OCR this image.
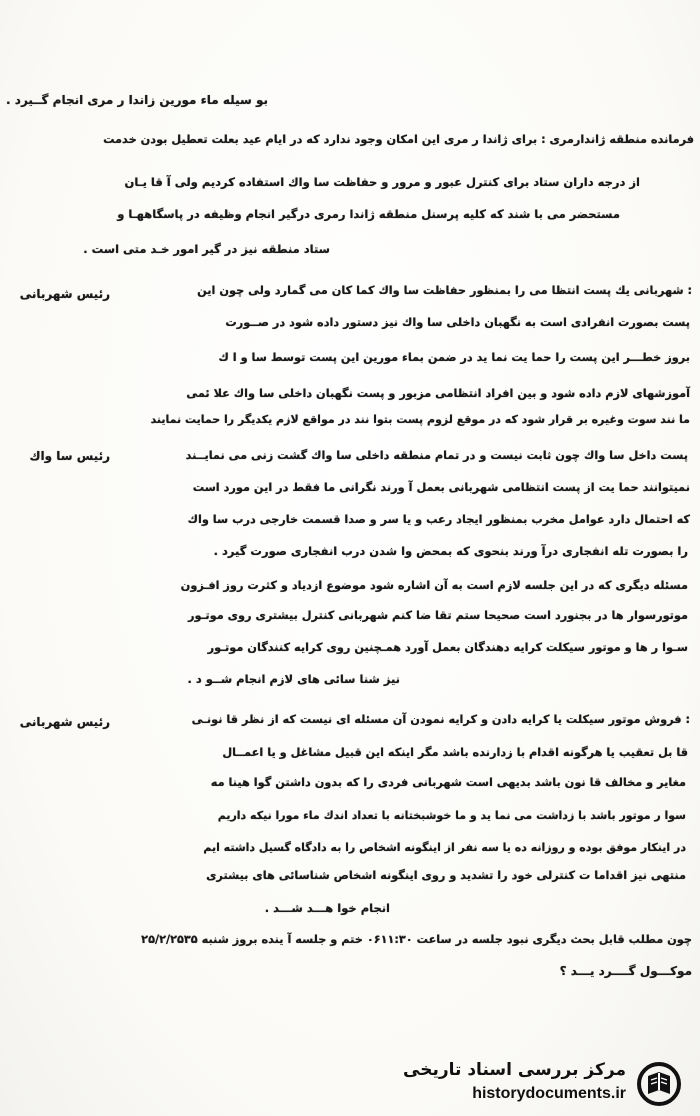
بو سیله ماء مورین زاندا ر مری انجام گــیرد .
فرمانده منطقه ژاندارمری : برای ژاندا ر مری این امکان وجود ندارد که در ایام عید بعلت تعطیل بودن خدمت
از درجه داران ستاد برای کنترل عبور و مرور و حفاظت سا واك استفاده کردیم ولی آ قا یـان
مستحضر می با شند که کلیه پرسنل منطقه ژاندا رمری درگیر انجام وظیفه در پاسگاههـا و
ستاد منطقه نیز در گیر امور خـد متی است .
رئیس شهربانی	: شهربانی یك پست انتظا می را بمنظور حفاظت سا واك کما کان می گمارد ولی چون این
پست بصورت انفرادی است به نگهبان داخلی سا واك نیز دستور داده شود در صــورت
بروز خطـــر این پست را حما یت نما ید در ضمن بماء مورین این پست توسط سا و ا ك
آموزشهای لازم داده شود و بین افراد انتظامی مزبور و پست نگهبان داخلی سا واك علا ئمی
ما نند سوت وغیره بر قرار شود که در موقع لزوم پست بتوا نند در مواقع لازم یکدیگر را حمایت نمایند
رئیس سا واك	پست داخل سا واك چون ثابت نیست و در تمام منطقه داخلی سا واك گشت زنی می نمایــند
نمیتوانند حما یت از پست انتظامی شهربانی بعمل آ ورند نگرانی ما فقط در این مورد است
که احتمال دارد عوامل مخرب بمنظور ایجاد رعب و یا سر و صدا قسمت خارجی درب سا واك
را بصورت تله انفجاری درآ ورند بنحوی که بمحض وا شدن درب انفجاری صورت گیرد .
مسئله دیگری که در این جلسه لازم است به آن اشاره شود موضوع ازدیاد و کثرت روز افـزون
موتورسوار ها در بجنورد است صحیحا ستم تقا ضا کنم شهربانی کنترل بیشتری روی موتـور
سـوا ر ها و موتور سیکلت کرایه دهندگان بعمل آورد همـچنین روی کرایه کنندگان موتـور
نیز شنا سائی های لازم انجام شــو د .
رئیس شهربانی	: فروش موتور سیکلت یا کرایه دادن و کرایه نمودن آن مسئله ای نیست که از نظر قا نونـی
قا بل تعقیب یا هرگونه اقدام با زدارنده باشد مگر اینکه این قبیل مشاغل و یا اعمــال
مغایر و مخالف قا نون باشد بدیهی است شهربانی فردی را که بدون داشتن گوا هینا مه
سوا ر موتور باشد با زداشت می نما ید و ما خوشبختانه با تعداد اندك ماء مورا نیکه داریم
در اینکار موفق بوده و روزانه ده یا سه نفر از اینگونه اشخاص را به دادگاه گسیل داشته ایم
منتهی نیز اقداما ت کنترلی خود را تشدید و روی اینگونه اشخاص شناسائی های بیشتری
انجام خوا هـــد شـــد .
چون مطلب قابل بحث دیگری نبود جلسه در ساعت ۰۶۱۱:۳۰ ختم و جلسه آ ینده بروز شنبه ۲۵/۲/۲۵۳۵
موکـــول گــــرد یـــد ؟
مرکز بررسی اسناد تاریخی
historydocuments.ir
